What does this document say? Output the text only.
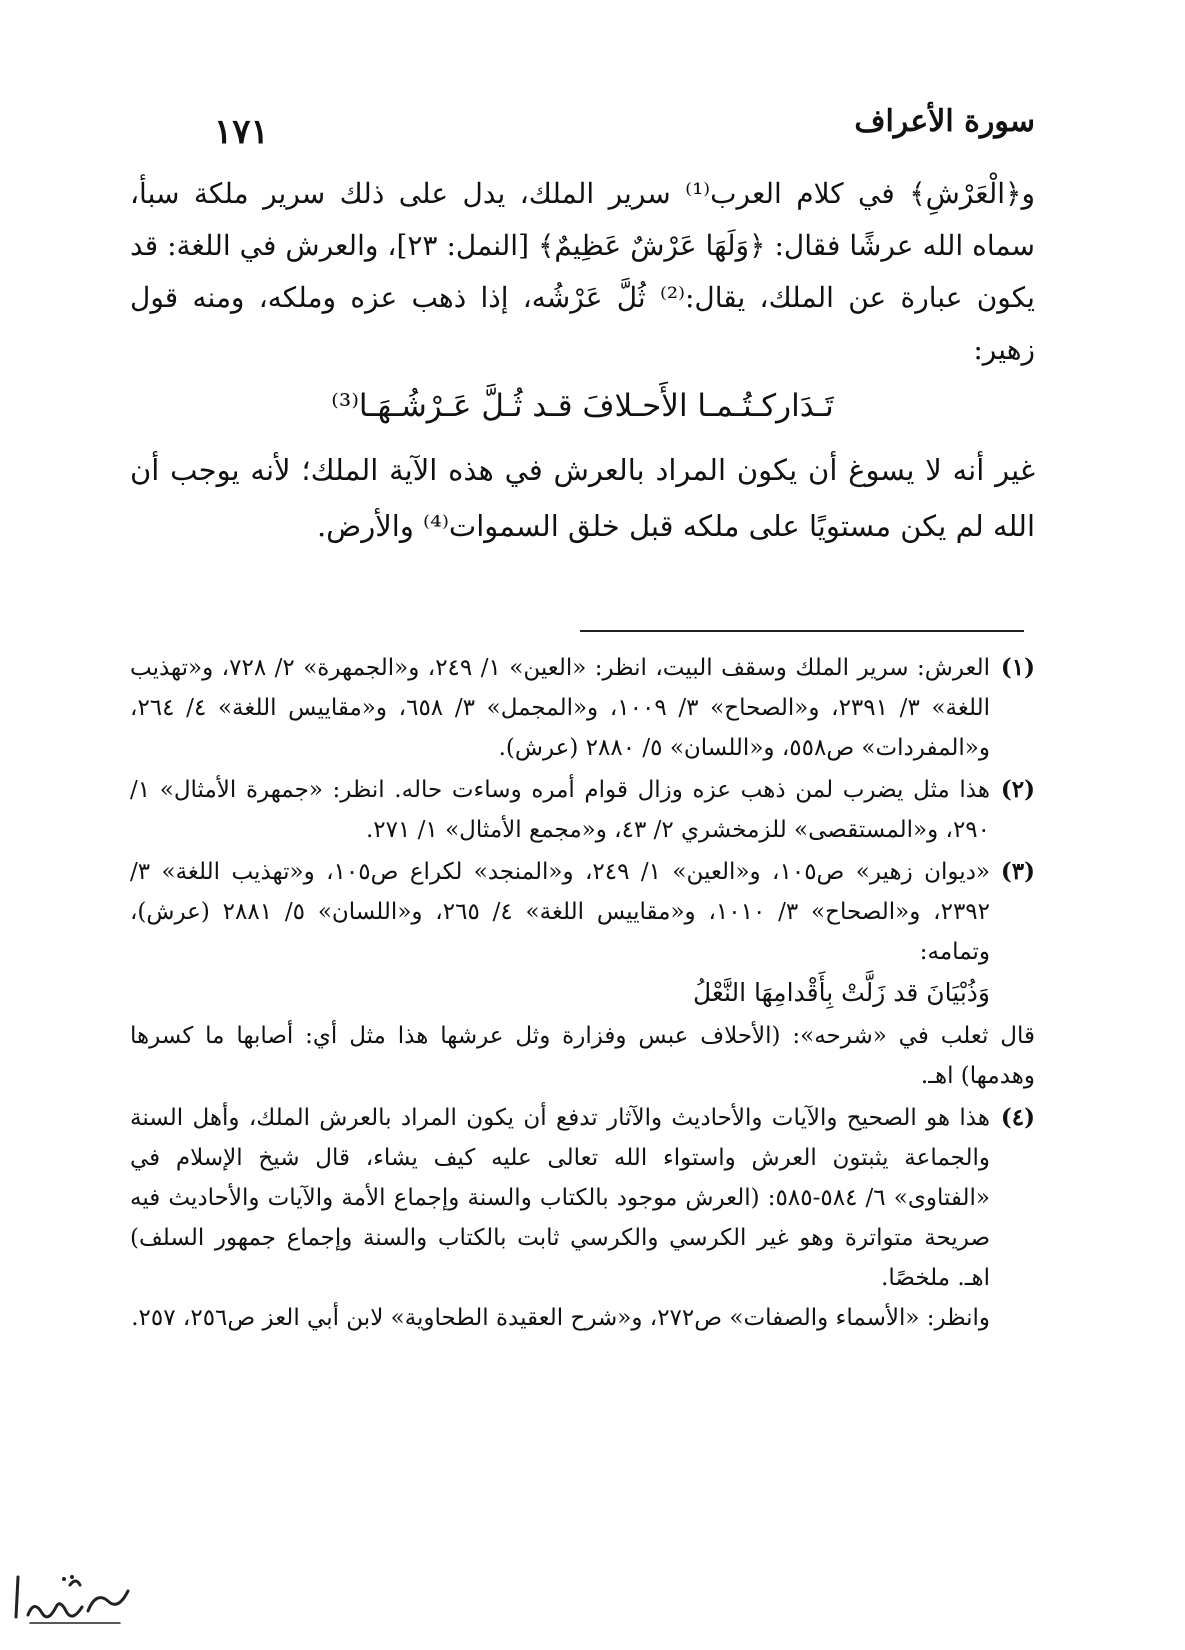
سورة الأعراف
١٧١

و﴿الْعَرْشِ﴾ في كلام العرب⁽¹⁾ سرير الملك، يدل على ذلك سرير ملكة سبأ، سماه الله عرشًا فقال: ﴿وَلَهَا عَرْشٌ عَظِيمٌ﴾ [النمل: ٢٣]، والعرش في اللغة: قد يكون عبارة عن الملك، يقال:⁽²⁾ ثُلَّ عَرْشُه، إذا ذهب عزه وملكه، ومنه قول زهير:

تَـدَاركـتُـمـا الأَحـلافَ قـد ثُـلَّ عَـرْشُـهَـا⁽³⁾

غير أنه لا يسوغ أن يكون المراد بالعرش في هذه الآية الملك؛ لأنه يوجب أن الله لم يكن مستويًا على ملكه قبل خلق السموات⁽⁴⁾ والأرض.

(١)
العرش: سرير الملك وسقف البيت، انظر: «العين» ١/ ٢٤٩، و«الجمهرة» ٢/ ٧٢٨، و«تهذيب اللغة» ٣/ ٢٣٩١، و«الصحاح» ٣/ ١٠٠٩، و«المجمل» ٣/ ٦٥٨، و«مقاييس اللغة» ٤/ ٢٦٤، و«المفردات» ص٥٥٨، و«اللسان» ٥/ ٢٨٨٠ (عرش).
(٢)
هذا مثل يضرب لمن ذهب عزه وزال قوام أمره وساءت حاله. انظر: «جمهرة الأمثال» ١/ ٢٩٠، و«المستقصى» للزمخشري ٢/ ٤٣، و«مجمع الأمثال» ١/ ٢٧١.
(٣)
«ديوان زهير» ص١٠٥، و«العين» ١/ ٢٤٩، و«المنجد» لكراع ص١٠٥، و«تهذيب اللغة» ٣/ ٢٣٩٢، و«الصحاح» ٣/ ١٠١٠، و«مقاييس اللغة» ٤/ ٢٦٥، و«اللسان» ٥/ ٢٨٨١ (عرش)، وتمامه:
وَذُبْيَانَ قد زَلَّتْ بِأَقْدامِهَا النَّعْلُ
قال ثعلب في «شرحه»: (الأحلاف عبس وفزارة وثل عرشها هذا مثل أي: أصابها ما كسرها وهدمها) اهـ.
(٤)
هذا هو الصحيح والآيات والأحاديث والآثار تدفع أن يكون المراد بالعرش الملك، وأهل السنة والجماعة يثبتون العرش واستواء الله تعالى عليه كيف يشاء، قال شيخ الإسلام في «الفتاوى» ٦/ ٥٨٤-٥٨٥: (العرش موجود بالكتاب والسنة وإجماع الأمة والآيات والأحاديث فيه صريحة متواترة وهو غير الكرسي والكرسي ثابت بالكتاب والسنة وإجماع جمهور السلف) اهـ. ملخصًا.
وانظر: «الأسماء والصفات» ص٢٧٢، و«شرح العقيدة الطحاوية» لابن أبي العز ص٢٥٦، ٢٥٧.
